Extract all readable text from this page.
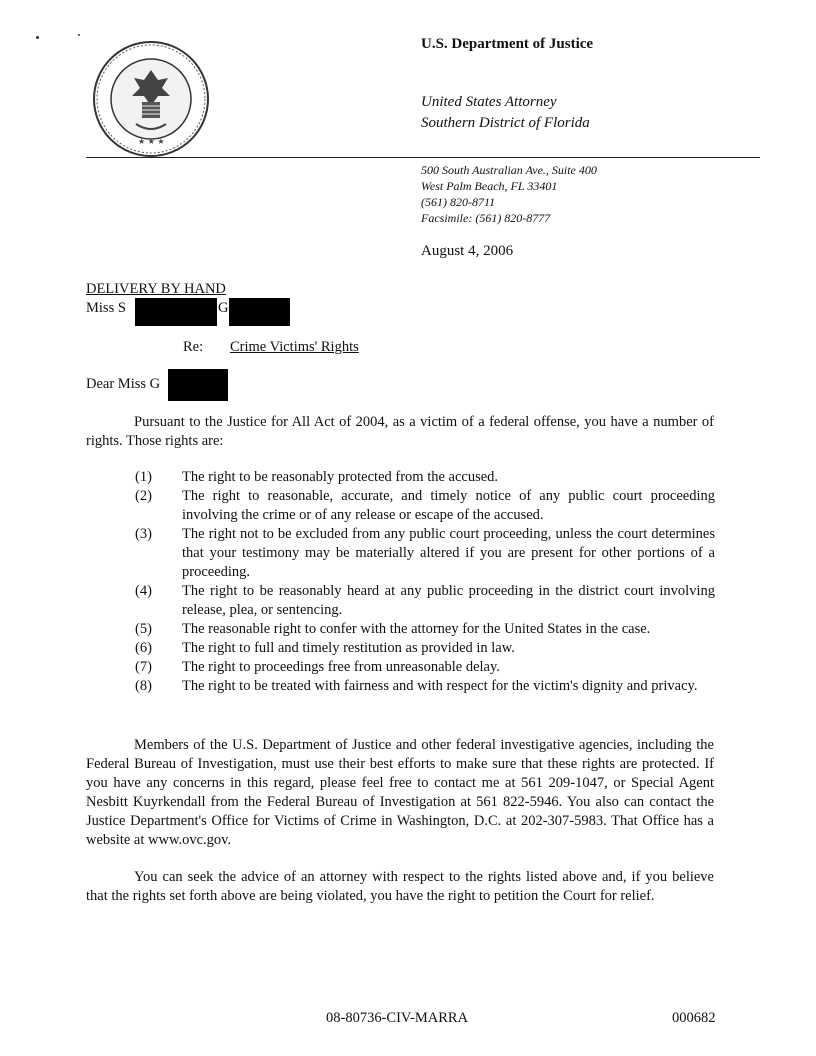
★ ★ ★
U.S. Department of Justice
United States Attorney
Southern District of Florida
500 South Australian Ave., Suite 400
West Palm Beach, FL 33401
(561) 820-8711
Facsimile: (561) 820-8777
August 4, 2006
DELIVERY BY HAND
Miss S	G
Re: Crime Victims' Rights
Dear Miss G
Pursuant to the Justice for All Act of 2004, as a victim of a federal offense, you have a number of rights. Those rights are:
(1)	The right to be reasonably protected from the accused.
(2)	The right to reasonable, accurate, and timely notice of any public court proceeding involving the crime or of any release or escape of the accused.
(3)	The right not to be excluded from any public court proceeding, unless the court determines that your testimony may be materially altered if you are present for other portions of a proceeding.
(4)	The right to be reasonably heard at any public proceeding in the district court involving release, plea, or sentencing.
(5)	The reasonable right to confer with the attorney for the United States in the case.
(6)	The right to full and timely restitution as provided in law.
(7)	The right to proceedings free from unreasonable delay.
(8)	The right to be treated with fairness and with respect for the victim's dignity and privacy.
Members of the U.S. Department of Justice and other federal investigative agencies, including the Federal Bureau of Investigation, must use their best efforts to make sure that these rights are protected. If you have any concerns in this regard, please feel free to contact me at 561 209-1047, or Special Agent Nesbitt Kuyrkendall from the Federal Bureau of Investigation at 561 822-5946. You also can contact the Justice Department's Office for Victims of Crime in Washington, D.C. at 202-307-5983. That Office has a website at www.ovc.gov.
You can seek the advice of an attorney with respect to the rights listed above and, if you believe that the rights set forth above are being violated, you have the right to petition the Court for relief.
08-80736-CIV-MARRA	000682
